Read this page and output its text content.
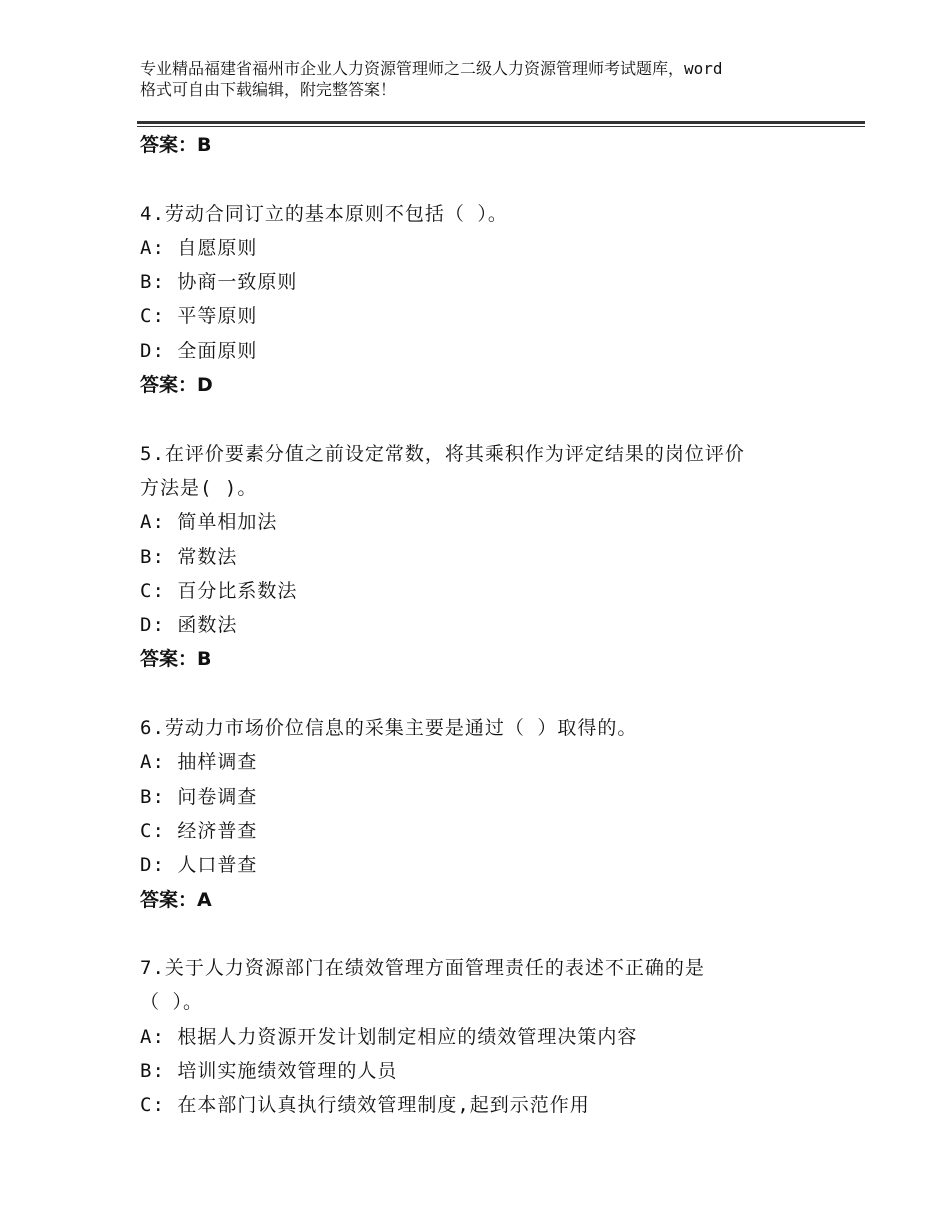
专业精品福建省福州市企业人力资源管理师之二级人力资源管理师考试题库，word
格式可自由下载编辑，附完整答案！
答案：B
4.劳动合同订立的基本原则不包括（ ）。
A: 自愿原则
B: 协商一致原则
C: 平等原则
D: 全面原则
答案：D
5.在评价要素分值之前设定常数，将其乘积作为评定结果的岗位评价
方法是( )。
A: 简单相加法
B: 常数法
C: 百分比系数法
D: 函数法
答案：B
6.劳动力市场价位信息的采集主要是通过（ ）取得的。
A: 抽样调查
B: 问卷调查
C: 经济普查
D: 人口普查
答案：A
7.关于人力资源部门在绩效管理方面管理责任的表述不正确的是
（ ）。
A: 根据人力资源开发计划制定相应的绩效管理决策内容
B: 培训实施绩效管理的人员
C: 在本部门认真执行绩效管理制度,起到示范作用
